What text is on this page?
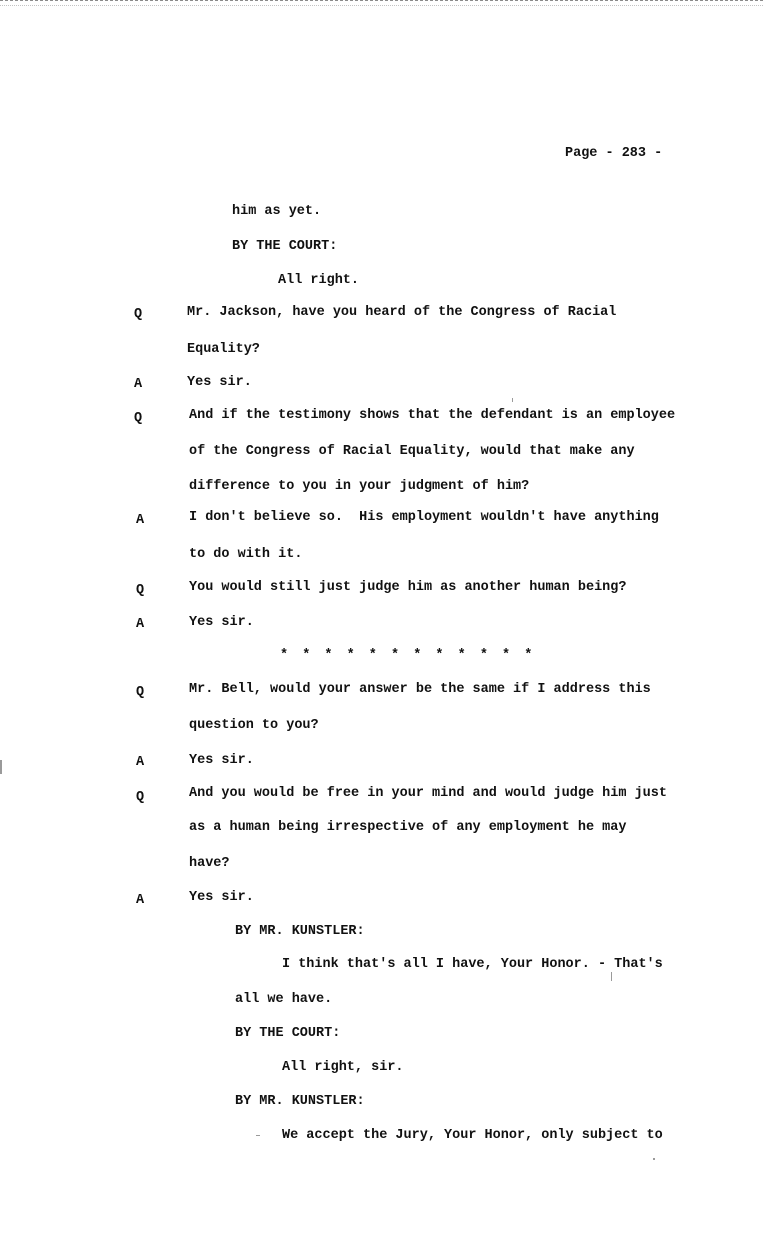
Page - 283 -
him as yet.
BY THE COURT:
All right.
Q	Mr. Jackson, have you heard of the Congress of Racial
Equality?
A	Yes sir.
Q	And if the testimony shows that the defendant is an employee
of the Congress of Racial Equality, would that make any
difference to you in your judgment of him?
A	I don't believe so.  His employment wouldn't have anything
to do with it.
Q	You would still just judge him as another human being?
A	Yes sir.
* * * * * * * * * * * *
Q	Mr. Bell, would your answer be the same if I address this
question to you?
A	Yes sir.
Q	And you would be free in your mind and would judge him just
as a human being irrespective of any employment he may
have?
A	Yes sir.
BY MR. KUNSTLER:
I think that's all I have, Your Honor. - That's
all we have.
BY THE COURT:
All right, sir.
BY MR. KUNSTLER:
We accept the Jury, Your Honor, only subject to
